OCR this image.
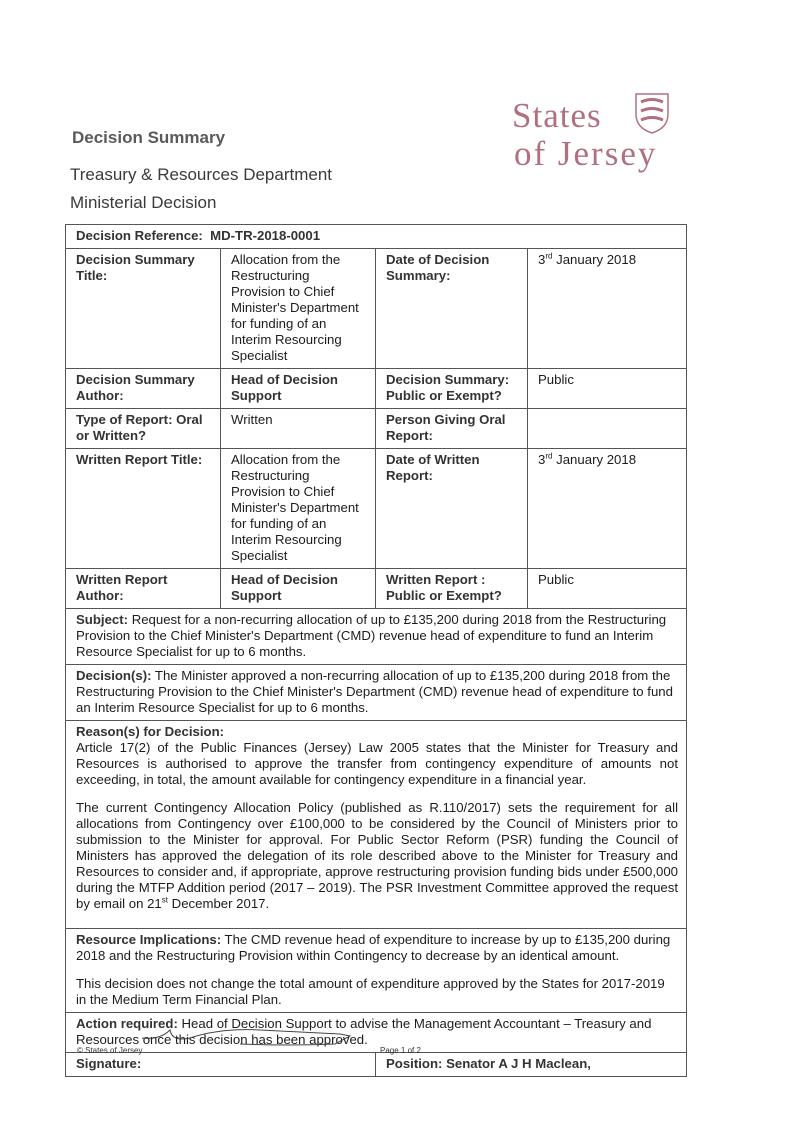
Decision Summary
Treasury & Resources Department
Ministerial Decision
States
of Jersey
Decision Reference: MD-TR-2018-0001			
Decision Summary Title:	Allocation from the Restructuring Provision to Chief Minister's Department for funding of an Interim Resourcing Specialist	Date of Decision Summary:	3rd January 2018
Decision Summary Author:	Head of Decision Support	Decision Summary: Public or Exempt?	Public
Type of Report: Oral or Written?	Written	Person Giving Oral Report:	
Written Report Title:	Allocation from the Restructuring Provision to Chief Minister's Department for funding of an Interim Resourcing Specialist	Date of Written Report:	3rd January 2018
Written Report Author:	Head of Decision Support	Written Report : Public or Exempt?	Public
Subject: Request for a non-recurring allocation of up to £135,200 during 2018 from the Restructuring Provision to the Chief Minister's Department (CMD) revenue head of expenditure to fund an Interim Resource Specialist for up to 6 months.			
Decision(s): The Minister approved a non-recurring allocation of up to £135,200 during 2018 from the Restructuring Provision to the Chief Minister's Department (CMD) revenue head of expenditure to fund an Interim Resource Specialist for up to 6 months.			

Reason(s) for Decision:

Article 17(2) of the Public Finances (Jersey) Law 2005 states that the Minister for Treasury and Resources is authorised to approve the transfer from contingency expenditure of amounts not exceeding, in total, the amount available for contingency expenditure in a financial year.

The current Contingency Allocation Policy (published as R.110/2017) sets the requirement for all allocations from Contingency over £100,000 to be considered by the Council of Ministers prior to submission to the Minister for approval. For Public Sector Reform (PSR) funding the Council of Ministers has approved the delegation of its role described above to the Minister for Treasury and Resources to consider and, if appropriate, approve restructuring provision funding bids under £500,000 during the MTFP Addition period (2017 – 2019). The PSR Investment Committee approved the request by email on 21st December 2017.			

Resource Implications: The CMD revenue head of expenditure to increase by up to £135,200 during 2018 and the Restructuring Provision within Contingency to decrease by an identical amount.

This decision does not change the total amount of expenditure approved by the States for 2017-2019 in the Medium Term Financial Plan.			

Action required: Head of Decision Support to advise the Management Accountant – Treasury and Resources once this decision has been approved.			
Signature:		Position: Senator A J H Maclean,	
© States of Jersey	Page 1 of 2
